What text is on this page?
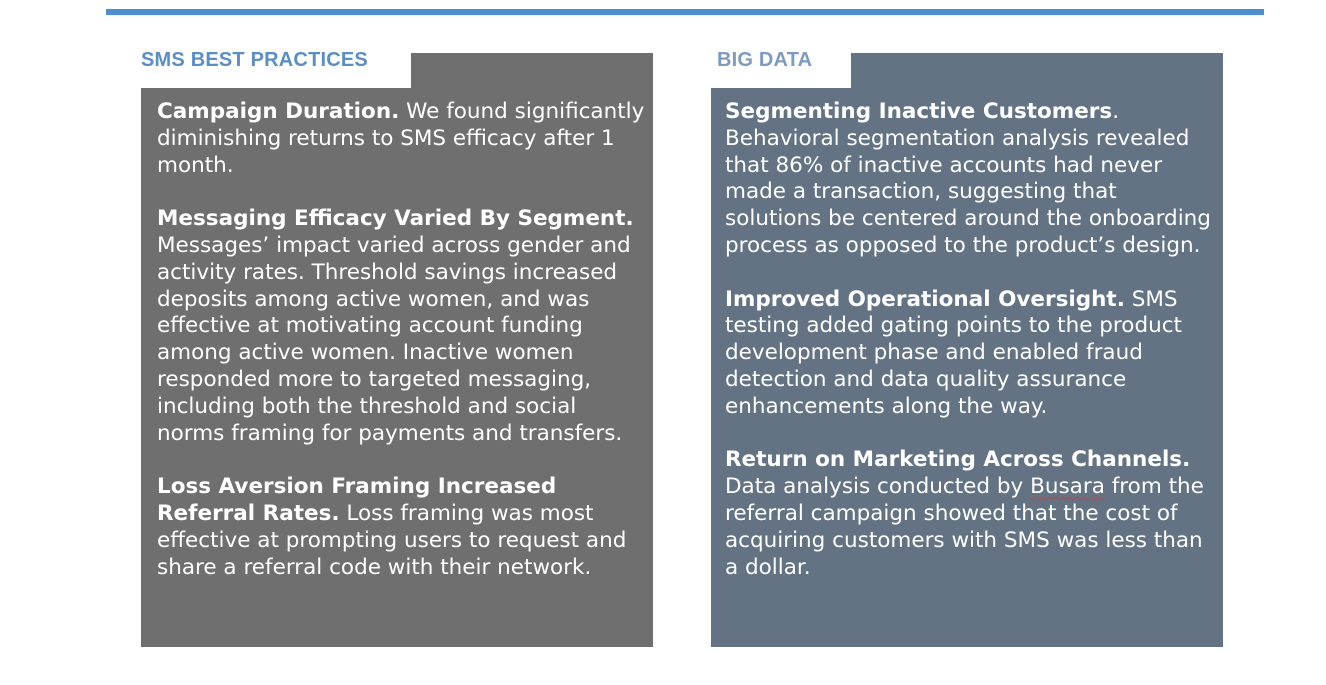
Campaign Duration. We found significantly diminishing returns to SMS efficacy after 1 month.

Messaging Efficacy Varied By Segment. Messages’ impact varied across gender and activity rates. Threshold savings increased deposits among active women, and was effective at motivating account funding among active women. Inactive women responded more to targeted messaging, including both the threshold and social norms framing for payments and transfers.

Loss Aversion Framing Increased Referral Rates. Loss framing was most effective at prompting users to request and share a referral code with their network.

SMS BEST PRACTICES

Segmenting Inactive Customers. Behavioral segmentation analysis revealed that 86% of inactive accounts had never made a transaction, suggesting that solutions be centered around the onboarding process as opposed to the product’s design.

Improved Operational Oversight. SMS testing added gating points to the product development phase and enabled fraud detection and data quality assurance enhancements along the way.

Return on Marketing Across Channels. Data analysis conducted by Busara from the referral campaign showed that the cost of acquiring customers with SMS was less than a dollar.

BIG DATA
